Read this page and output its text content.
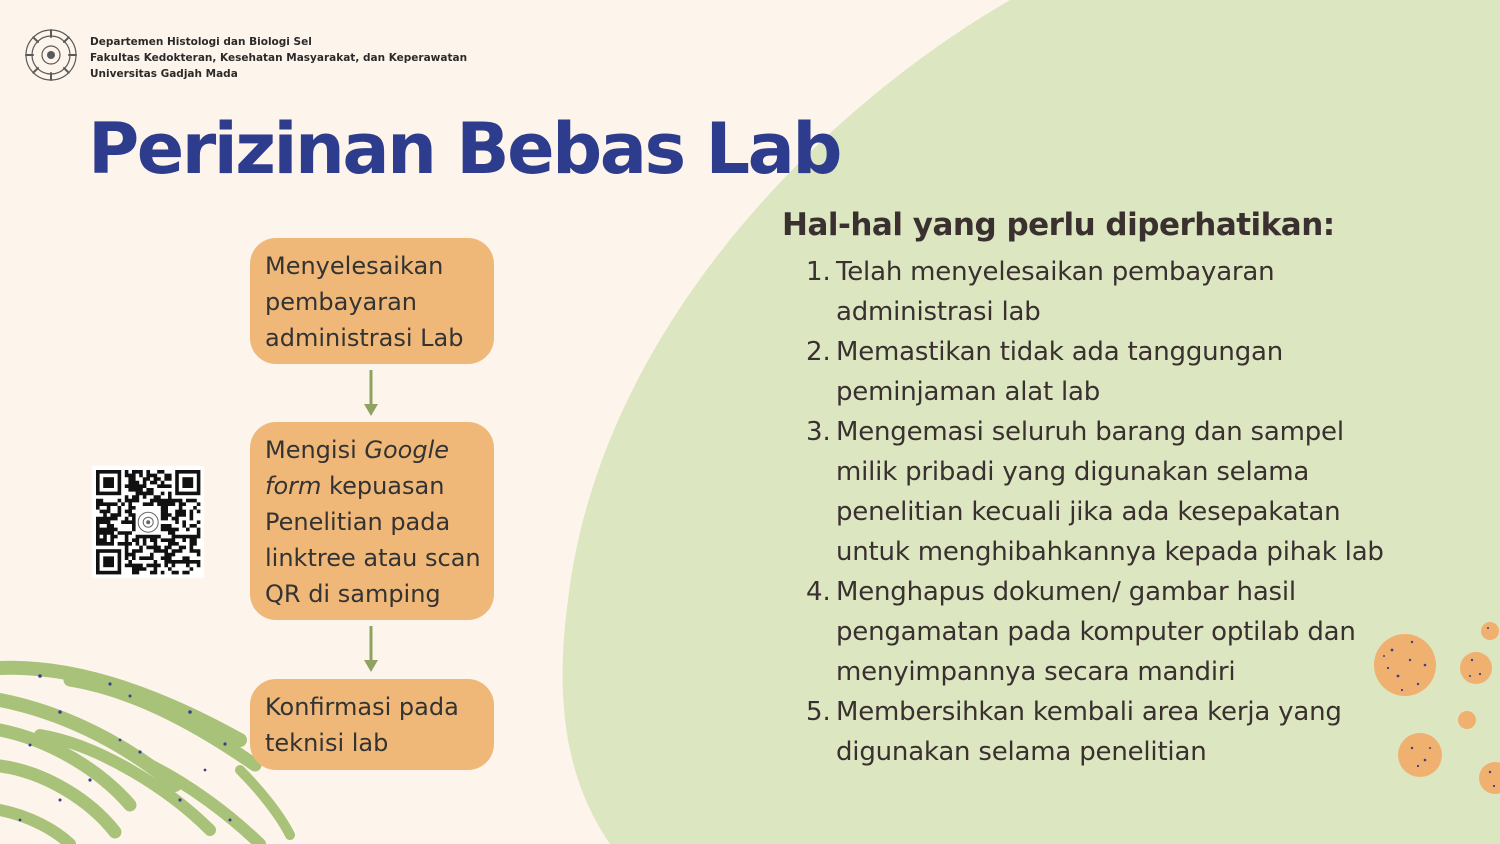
Departemen Histologi dan Biologi Sel
Fakultas Kedokteran, Kesehatan Masyarakat, dan Keperawatan
Universitas Gadjah Mada
Perizinan Bebas Lab
Menyelesaikan
pembayaran
administrasi Lab
Mengisi Google
form kepuasan
Penelitian pada
linktree atau scan
QR di samping
Konfirmasi pada
teknisi lab
Hal-hal yang perlu diperhatikan:
1. Telah menyelesaikan pembayaran
administrasi lab
2. Memastikan tidak ada tanggungan
peminjaman alat lab
3. Mengemasi seluruh barang dan sampel
milik pribadi yang digunakan selama
penelitian kecuali jika ada kesepakatan
untuk menghibahkannya kepada pihak lab
4. Menghapus dokumen/ gambar hasil
pengamatan pada komputer optilab dan
menyimpannya secara mandiri
5. Membersihkan kembali area kerja yang
digunakan selama penelitian
